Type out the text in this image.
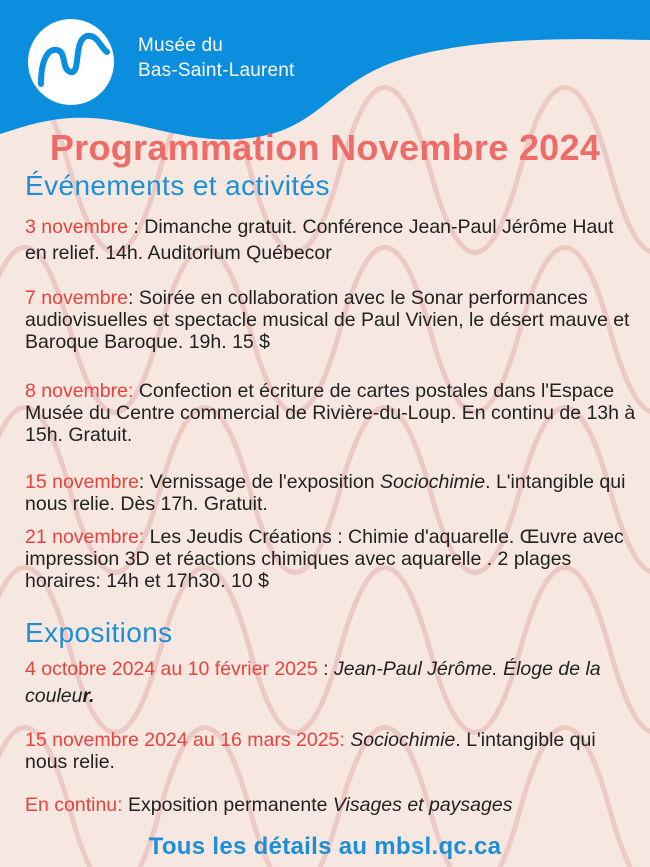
Musée du
Bas-Saint-Laurent
Programmation Novembre 2024
Événements et activités
3 novembre : Dimanche gratuit. Conférence Jean-Paul Jérôme Haut en relief. 14h. Auditorium Québecor
7 novembre: Soirée en collaboration avec le Sonar performances audiovisuelles et spectacle musical de Paul Vivien, le désert mauve et Baroque Baroque. 19h. 15 $
8 novembre: Confection et écriture de cartes postales dans l'Espace Musée du Centre commercial de Rivière-du-Loup. En continu de 13h à 15h. Gratuit.
15 novembre: Vernissage de l'exposition Sociochimie. L'intangible qui nous relie. Dès 17h. Gratuit.
21 novembre: Les Jeudis Créations : Chimie d'aquarelle. Œuvre avec impression 3D et réactions chimiques avec aquarelle . 2 plages horaires: 14h et 17h30. 10 $
Expositions
4 octobre 2024 au 10 février 2025 : Jean-Paul Jérôme. Éloge de la couleur.
15 novembre 2024 au 16 mars 2025: Sociochimie. L'intangible qui nous relie.
En continu: Exposition permanente Visages et paysages
Tous les détails au mbsl.qc.ca
